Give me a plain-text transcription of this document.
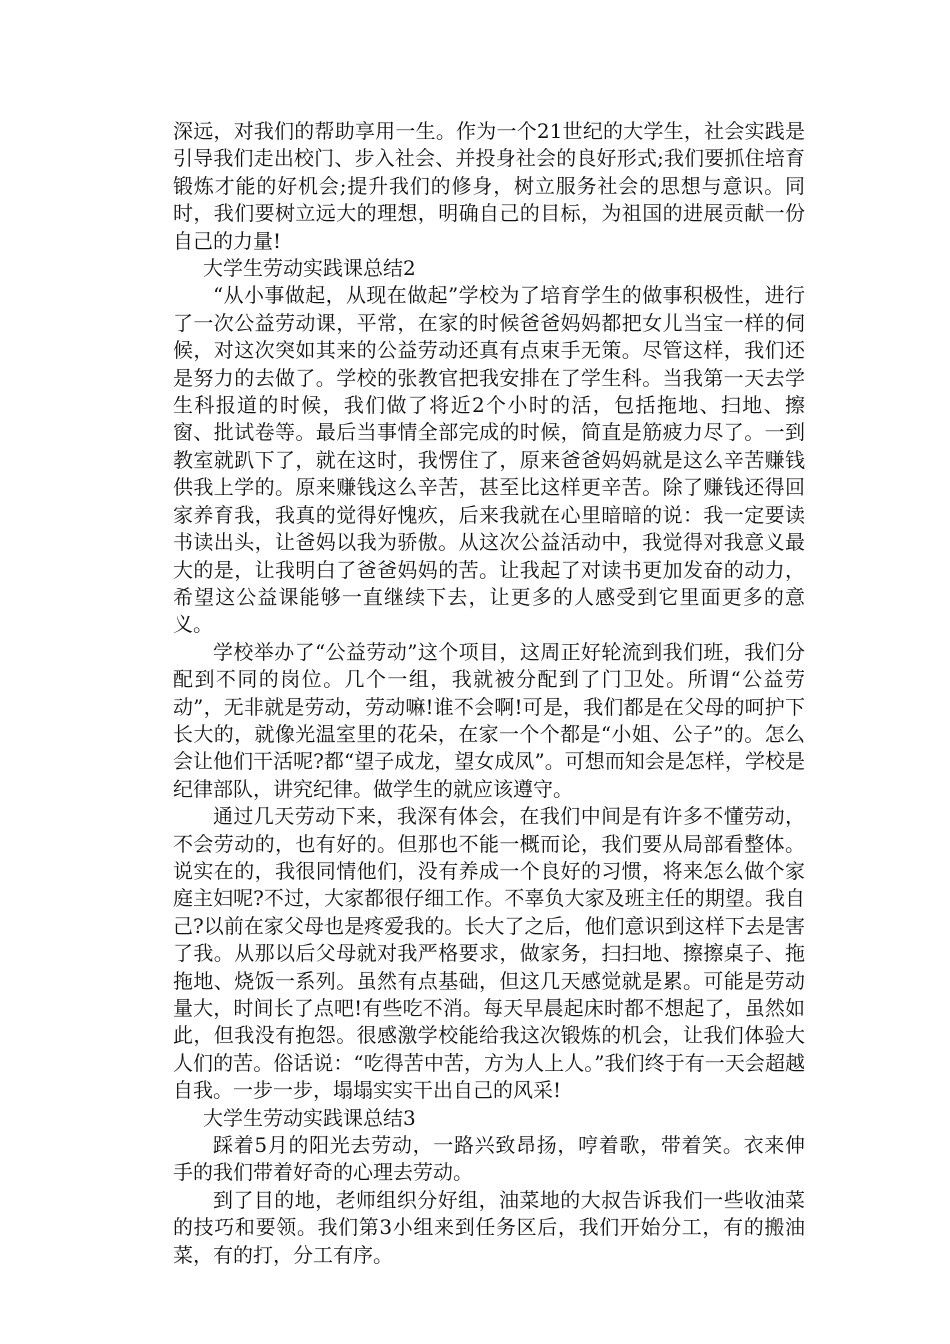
深远，对我们的帮助享用一生。作为一个21世纪的大学生，社会实践是引导我们走出校门、步入社会、并投身社会的良好形式;我们要抓住培育锻炼才能的好机会;提升我们的修身，树立服务社会的思想与意识。同时，我们要树立远大的理想，明确自己的目标，为祖国的进展贡献一份自己的力量!

大学生劳动实践课总结2

“从小事做起，从现在做起”学校为了培育学生的做事积极性，进行了一次公益劳动课，平常，在家的时候爸爸妈妈都把女儿当宝一样的伺候，对这次突如其来的公益劳动还真有点束手无策。尽管这样，我们还是努力的去做了。学校的张教官把我安排在了学生科。当我第一天去学生科报道的时候，我们做了将近2个小时的活，包括拖地、扫地、擦窗、批试卷等。最后当事情全部完成的时候，简直是筋疲力尽了。一到教室就趴下了，就在这时，我愣住了，原来爸爸妈妈就是这么辛苦赚钱供我上学的。原来赚钱这么辛苦，甚至比这样更辛苦。除了赚钱还得回家养育我，我真的觉得好愧疚，后来我就在心里暗暗的说：我一定要读书读出头，让爸妈以我为骄傲。从这次公益活动中，我觉得对我意义最大的是，让我明白了爸爸妈妈的苦。让我起了对读书更加发奋的动力，希望这公益课能够一直继续下去，让更多的人感受到它里面更多的意义。

学校举办了“公益劳动”这个项目，这周正好轮流到我们班，我们分配到不同的岗位。几个一组，我就被分配到了门卫处。所谓“公益劳动”，无非就是劳动，劳动嘛!谁不会啊!可是，我们都是在父母的呵护下长大的，就像光温室里的花朵，在家一个个都是“小姐、公子”的。怎么会让他们干活呢?都“望子成龙，望女成凤”。可想而知会是怎样，学校是纪律部队，讲究纪律。做学生的就应该遵守。

通过几天劳动下来，我深有体会，在我们中间是有许多不懂劳动，不会劳动的，也有好的。但那也不能一概而论，我们要从局部看整体。说实在的，我很同情他们，没有养成一个良好的习惯，将来怎么做个家庭主妇呢?不过，大家都很仔细工作。不辜负大家及班主任的期望。我自己?以前在家父母也是疼爱我的。长大了之后，他们意识到这样下去是害了我。从那以后父母就对我严格要求，做家务，扫扫地、擦擦桌子、拖拖地、烧饭一系列。虽然有点基础，但这几天感觉就是累。可能是劳动量大，时间长了点吧!有些吃不消。每天早晨起床时都不想起了，虽然如此，但我没有抱怨。很感激学校能给我这次锻炼的机会，让我们体验大人们的苦。俗话说：“吃得苦中苦，方为人上人。”我们终于有一天会超越自我。一步一步，塌塌实实干出自己的风采!

大学生劳动实践课总结3

踩着5月的阳光去劳动，一路兴致昂扬，哼着歌，带着笑。衣来伸手的我们带着好奇的心理去劳动。

到了目的地，老师组织分好组，油菜地的大叔告诉我们一些收油菜的技巧和要领。我们第3小组来到任务区后，我们开始分工，有的搬油菜，有的打，分工有序。
